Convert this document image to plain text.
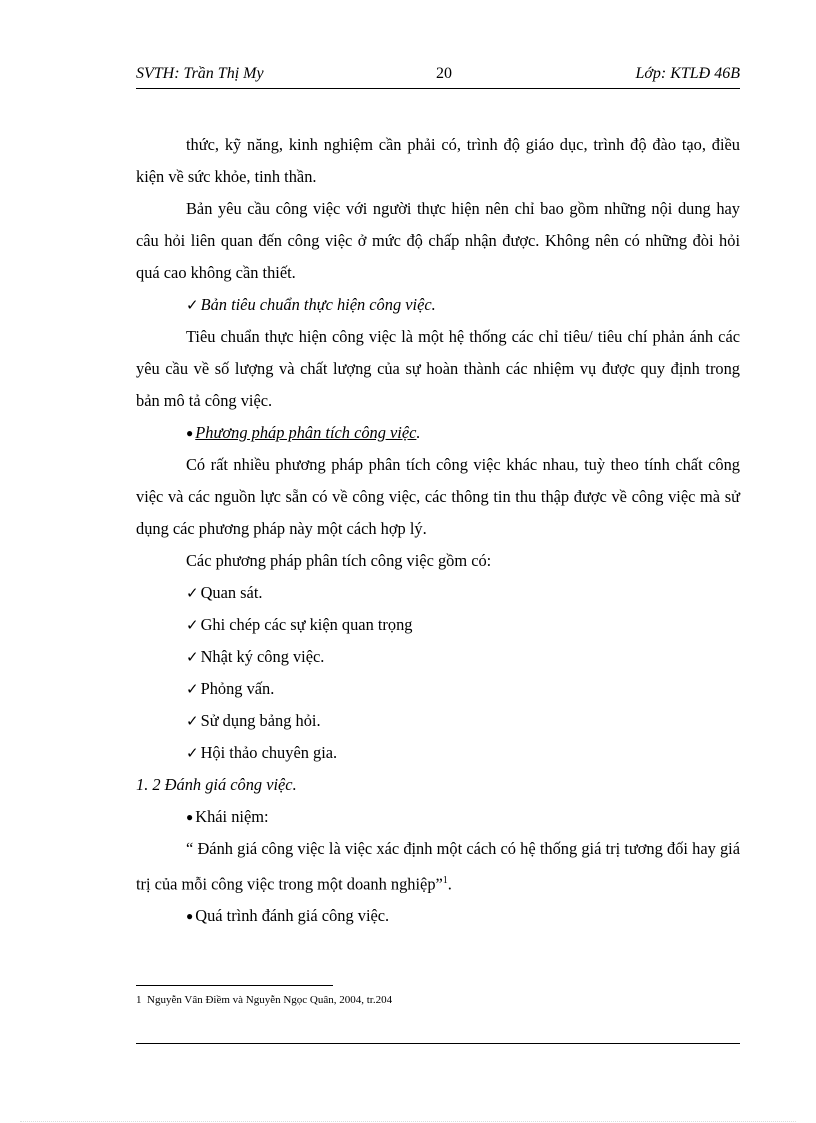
SVTH: Trần Thị My	20	Lớp: KTLĐ 46B

thức, kỹ năng, kinh nghiệm cần phải có, trình độ giáo dục, trình độ đào tạo, điều kiện về sức khỏe, tinh thần.

Bản yêu cầu công việc với người thực hiện nên chỉ bao gồm những nội dung hay câu hỏi liên quan đến công việc ở mức độ chấp nhận được. Không nên có những đòi hỏi quá cao không cần thiết.

✓ Bản tiêu chuẩn thực hiện công việc.

Tiêu chuẩn thực hiện công việc là một hệ thống các chỉ tiêu/ tiêu chí phản ánh các yêu cầu về số lượng và chất lượng của sự hoàn thành các nhiệm vụ được quy định trong bản mô tả công việc.

● Phương pháp phân tích công việc.

Có rất nhiều phương pháp phân tích công việc khác nhau, tuỳ theo tính chất công việc và các nguồn lực sẵn có về công việc, các thông tin thu thập được về công việc mà sử dụng các phương pháp này một cách hợp lý.

Các phương pháp phân tích công việc gồm có:

✓ Quan sát.

✓ Ghi chép các sự kiện quan trọng

✓ Nhật ký công việc.

✓ Phỏng vấn.

✓ Sử dụng bảng hỏi.

✓ Hội thảo chuyên gia.

1. 2 Đánh giá công việc.

● Khái niệm:

“ Đánh giá công việc là việc xác định một cách có hệ thống giá trị tương đối hay giá trị của mỗi công việc trong một doanh nghiệp”$^1$.

● Quá trình đánh giá công việc.

1 Nguyễn Vân Điềm và Nguyễn Ngọc Quân, 2004, tr.204
